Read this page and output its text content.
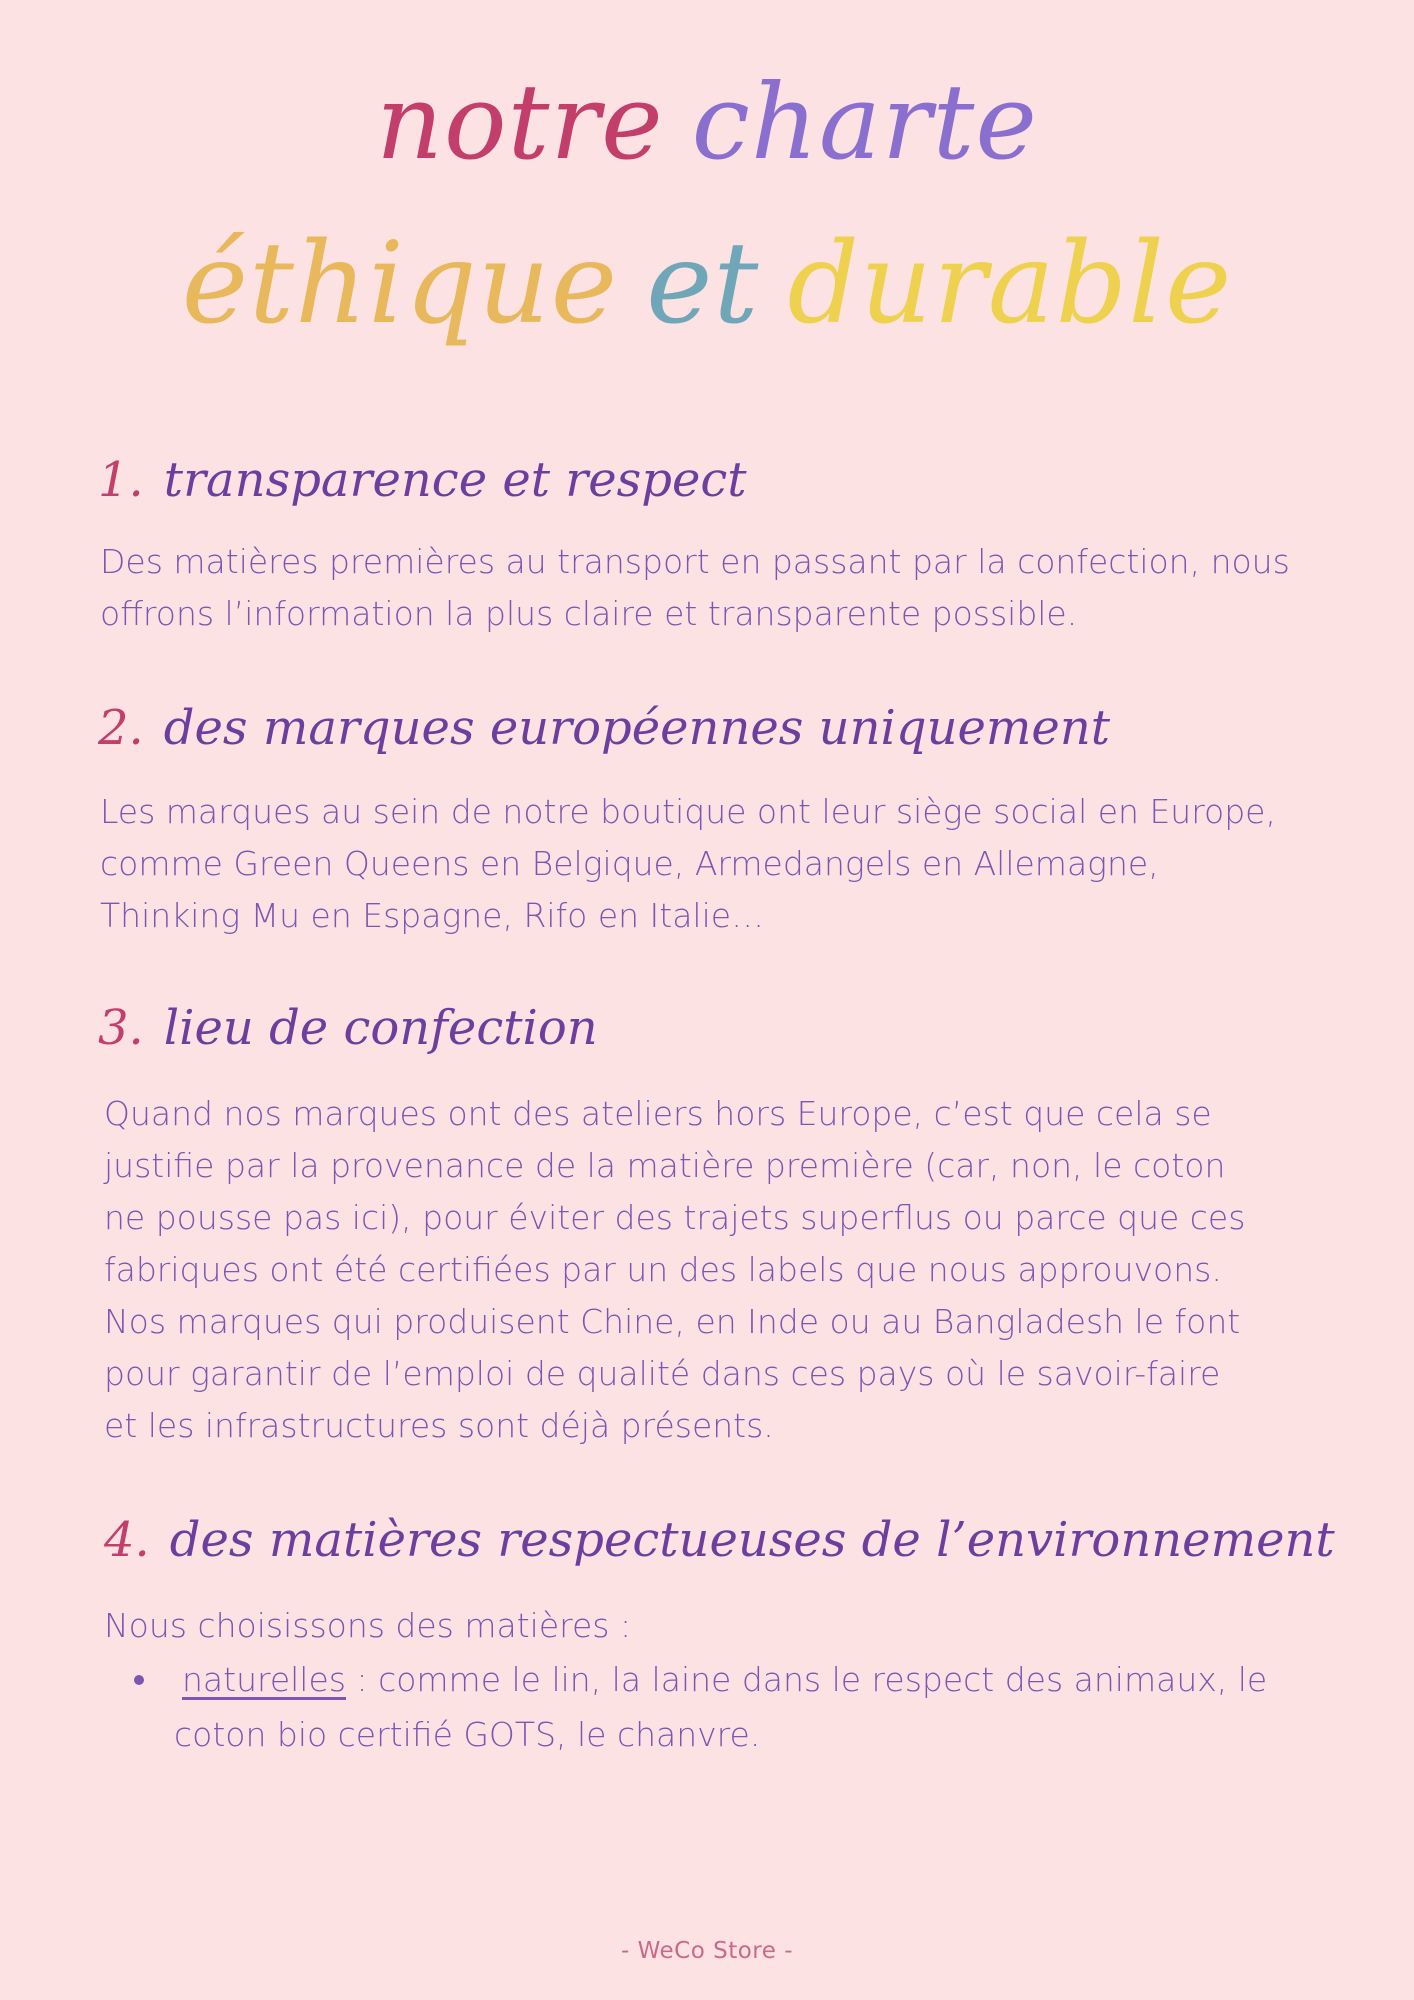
notre charte
éthique et durable
1. transparence et respect

Des matières premières au transport en passant par la confection, nous offrons l’information la plus claire et transparente possible.

2. des marques européennes uniquement

Les marques au sein de notre boutique ont leur siège social en Europe, comme Green Queens en Belgique, Armedangels en Allemagne, Thinking Mu en Espagne, Rifo en Italie…

3. lieu de confection

Quand nos marques ont des ateliers hors Europe, c’est que cela se justifie par la provenance de la matière première (car, non, le coton ne pousse pas ici), pour éviter des trajets superflus ou parce que ces fabriques ont été certifiées par un des labels que nous approuvons.

Nos marques qui produisent Chine, en Inde ou au Bangladesh le font pour garantir de l’emploi de qualité dans ces pays où le savoir-faire et les infrastructures sont déjà présents.

4. des matières respectueuses de l’environnement

Nous choisissons des matières :

naturelles : comme le lin, la laine dans le respect des animaux, le coton bio certifié GOTS, le chanvre.
- WeCo Store -
